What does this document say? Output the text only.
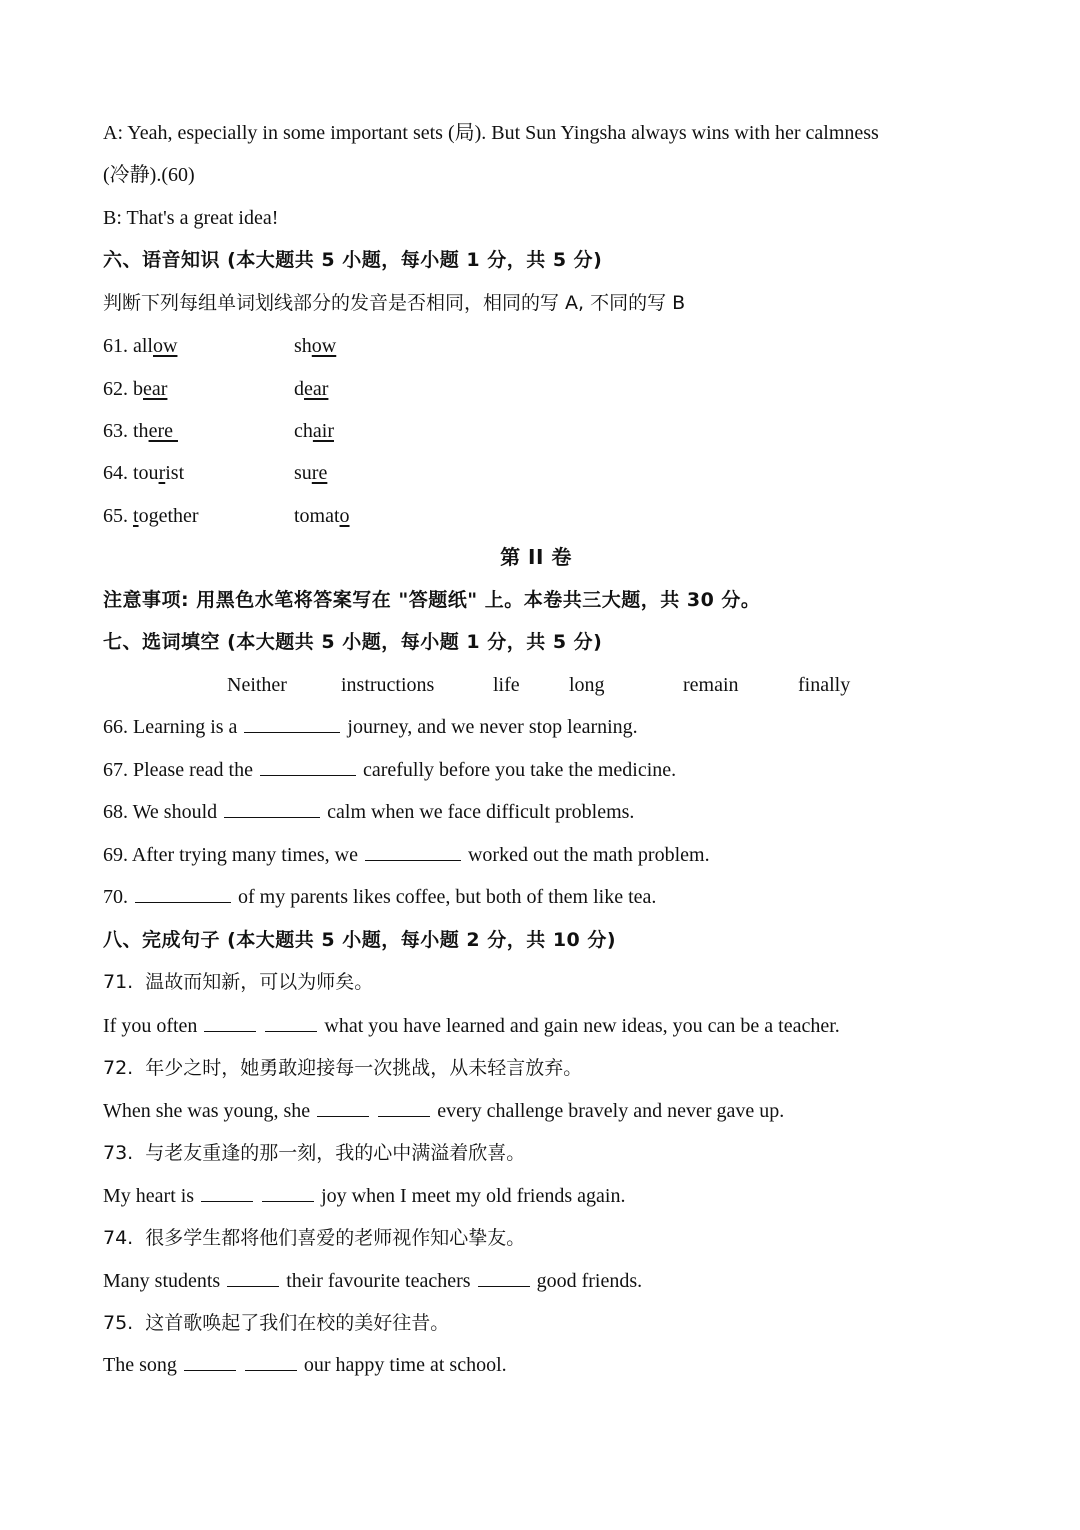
A: Yeah, especially in some important sets (局). But Sun Yingsha always wins with her calmness
(冷静).(60)
B: That's a great idea!
六、语音知识 (本大题共 5 小题，每小题 1 分，共 5 分)
判断下列每组单词划线部分的发音是否相同，相同的写 A, 不同的写 B
61. allow	show
62. bear	dear
63. there	chair
64. tourist	sure
65. together	tomato
第 II 卷
注意事项: 用黑色水笔将答案写在 "答题纸" 上。本卷共三大题，共 30 分。
七、选词填空 (本大题共 5 小题，每小题 1 分，共 5 分)
Neither	instructions	life long	remain	finally
66. Learning is a	journey, and we never stop learning.
67. Please read the	carefully before you take the medicine.
68. We should	calm when we face difficult problems.
69. After trying many times, we	worked out the math problem.
70.	of my parents likes coffee, but both of them like tea.
八、完成句子 (本大题共 5 小题，每小题 2 分，共 10 分)
71.  温故而知新，可以为师矣。
If you often	what you have learned and gain new ideas, you can be a teacher.
72.  年少之时，她勇敢迎接每一次挑战，从未轻言放弃。
When she was young, she	every challenge bravely and never gave up.
73.  与老友重逢的那一刻，我的心中满溢着欣喜。
My heart is	joy when I meet my old friends again.
74.  很多学生都将他们喜爱的老师视作知心挚友。
Many students	their favourite teachers	good friends.
75.  这首歌唤起了我们在校的美好往昔。
The song	our happy time at school.
